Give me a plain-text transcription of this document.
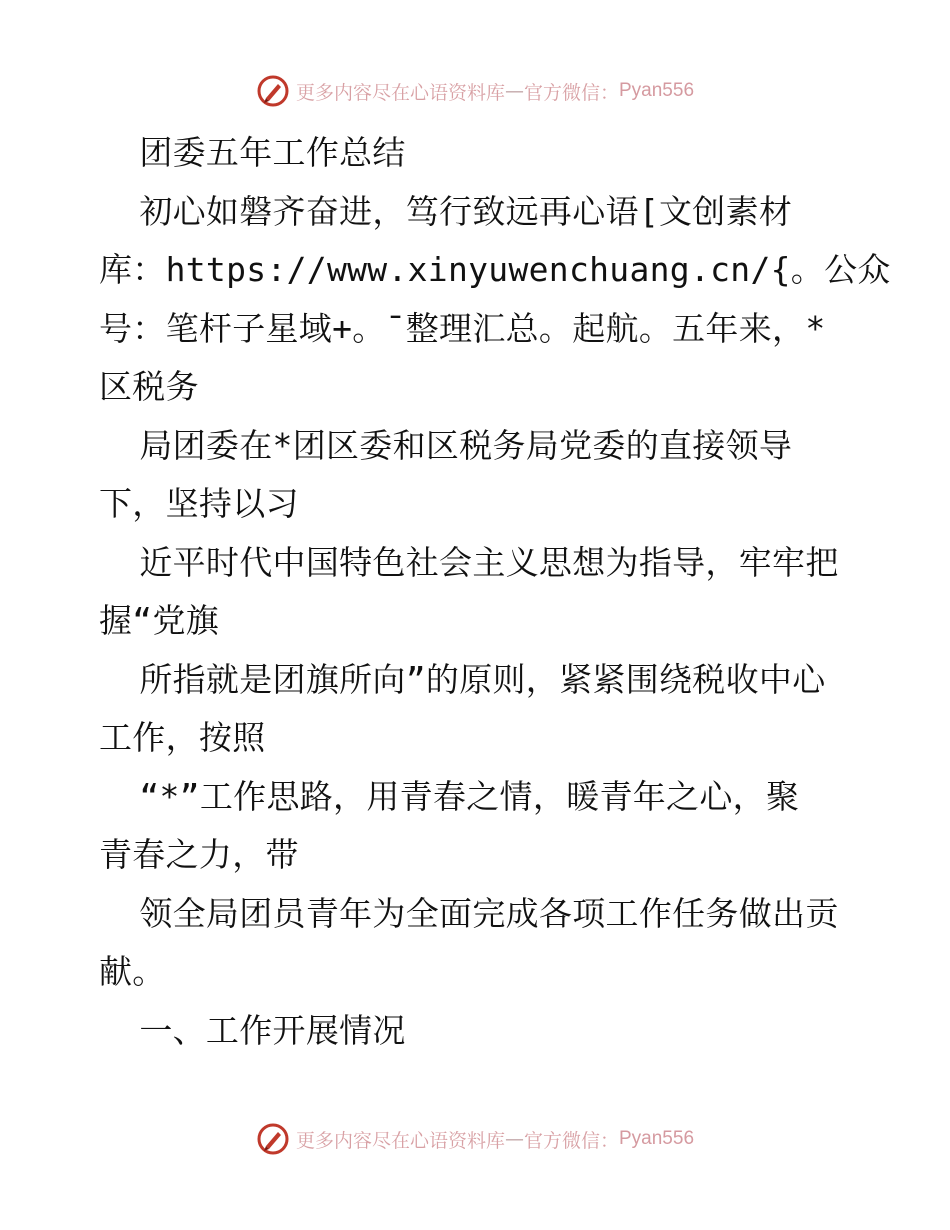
更多内容尽在心语资料库 — 官方微信： Pyan556
团委五年工作总结
初心如磐齐奋进，笃行致远再心语[文创素材
库：https://www.xinyuwenchuang.cn/{。公众
号：笔杆子星域+。¯整理汇总。起航。五年来，*
区税务
局团委在*团区委和区税务局党委的直接领导
下，坚持以习
近平时代中国特色社会主义思想为指导，牢牢把
握“党旗
所指就是团旗所向”的原则，紧紧围绕税收中心
工作，按照
“*”工作思路，用青春之情，暖青年之心，聚
青春之力，带
领全局团员青年为全面完成各项工作任务做出贡
献。
一、工作开展情况
更多内容尽在心语资料库 — 官方微信： Pyan556
